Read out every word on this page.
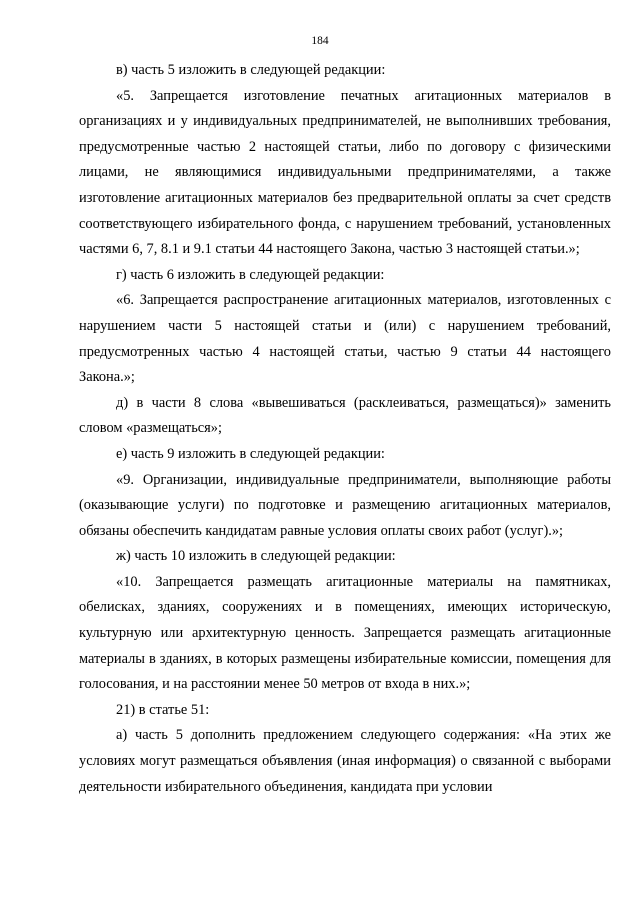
184

в) часть 5 изложить в следующей редакции:

«5. Запрещается изготовление печатных агитационных материалов в организациях и у индивидуальных предпринимателей, не выполнивших требования, предусмотренные частью 2 настоящей статьи, либо по договору с физическими лицами, не являющимися индивидуальными предпринимателями, а также изготовление агитационных материалов без предварительной оплаты за счет средств соответствующего избирательного фонда, с нарушением требований, установленных частями 6, 7, 8.1 и 9.1 статьи 44 настоящего Закона, частью 3 настоящей статьи.»;

г) часть 6 изложить в следующей редакции:

«6. Запрещается распространение агитационных материалов, изготовленных с нарушением части 5 настоящей статьи и (или) с нарушением требований, предусмотренных частью 4 настоящей статьи, частью 9 статьи 44 настоящего Закона.»;

д) в части 8 слова «вывешиваться (расклеиваться, размещаться)» заменить словом «размещаться»;

е) часть 9 изложить в следующей редакции:

«9. Организации, индивидуальные предприниматели, выполняющие работы (оказывающие услуги) по подготовке и размещению агитационных материалов, обязаны обеспечить кандидатам равные условия оплаты своих работ (услуг).»;

ж) часть 10 изложить в следующей редакции:

«10. Запрещается размещать агитационные материалы на памятниках, обелисках, зданиях, сооружениях и в помещениях, имеющих историческую, культурную или архитектурную ценность. Запрещается размещать агитационные материалы в зданиях, в которых размещены избирательные комиссии, помещения для голосования, и на расстоянии менее 50 метров от входа в них.»;

21) в статье 51:

а) часть 5 дополнить предложением следующего содержания: «На этих же условиях могут размещаться объявления (иная информация) о связанной с выборами деятельности избирательного объединения, кандидата при условии
